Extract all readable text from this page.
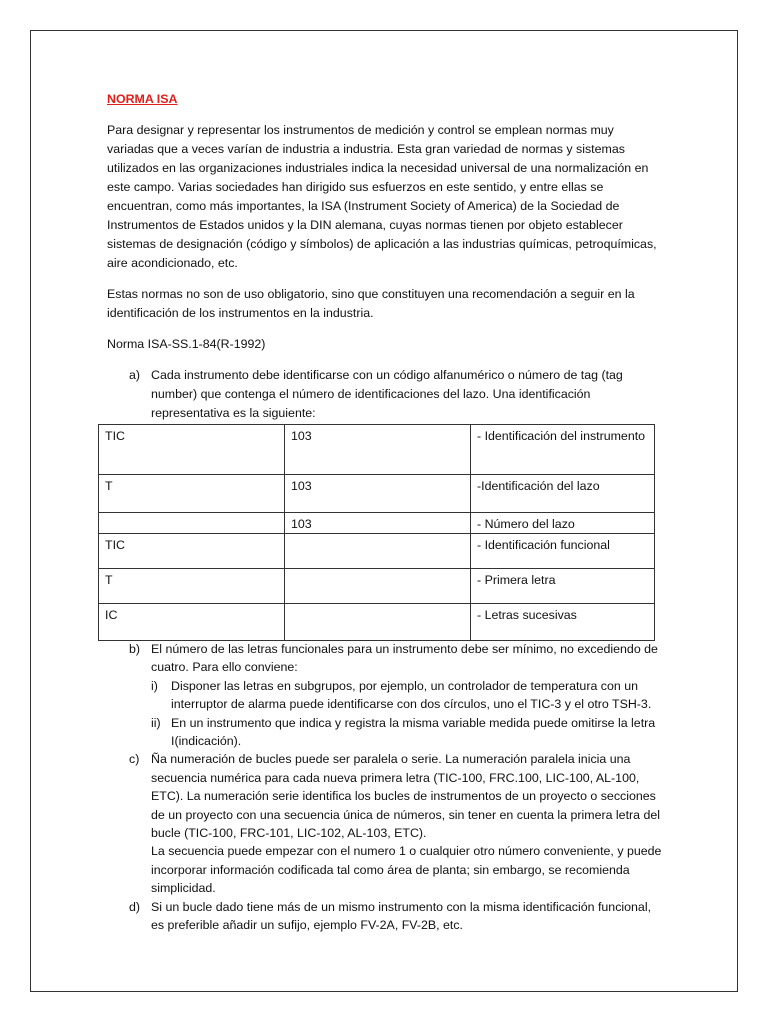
NORMA ISA

Para designar y representar los instrumentos de medición y control se emplean normas muy variadas que a veces varían de industria a industria. Esta gran variedad de normas y sistemas utilizados en las organizaciones industriales indica la necesidad universal de una normalización en este campo. Varias sociedades han dirigido sus esfuerzos en este sentido, y entre ellas se encuentran, como más importantes, la ISA (Instrument Society of America) de la Sociedad de Instrumentos de Estados unidos y la DIN alemana, cuyas normas tienen por objeto establecer sistemas de designación (código y símbolos) de aplicación a las industrias químicas, petroquímicas, aire acondicionado, etc.

Estas normas no son de uso obligatorio, sino que constituyen una recomendación a seguir en la identificación de los instrumentos en la industria.

Norma ISA-SS.1-84(R-1992)

a) Cada instrumento debe identificarse con un código alfanumérico o número de tag (tag number) que contenga el número de identificaciones del lazo. Una identificación representativa es la siguiente:
TIC	103	- Identificación del instrumento
T	103	-Identificación del lazo
	103	- Número del lazo
TIC		- Identificación funcional
T		- Primera letra
IC		- Letras sucesivas
b) El número de las letras funcionales para un instrumento debe ser mínimo, no excediendo de cuatro. Para ello conviene:
i) Disponer las letras en subgrupos, por ejemplo, un controlador de temperatura con un interruptor de alarma puede identificarse con dos círculos, uno el TIC-3 y el otro TSH-3.
ii) En un instrumento que indica y registra la misma variable medida puede omitirse la letra I(indicación).
c) Ña numeración de bucles puede ser paralela o serie. La numeración paralela inicia una secuencia numérica para cada nueva primera letra (TIC-100, FRC.100, LIC-100, AL-100, ETC). La numeración serie identifica los bucles de instrumentos de un proyecto o secciones de un proyecto con una secuencia única de números, sin tener en cuenta la primera letra del bucle (TIC-100, FRC-101, LIC-102, AL-103, ETC).
La secuencia puede empezar con el numero 1 o cualquier otro número conveniente, y puede incorporar información codificada tal como área de planta; sin embargo, se recomienda simplicidad.
d) Si un bucle dado tiene más de un mismo instrumento con la misma identificación funcional, es preferible añadir un sufijo, ejemplo FV-2A, FV-2B, etc.
